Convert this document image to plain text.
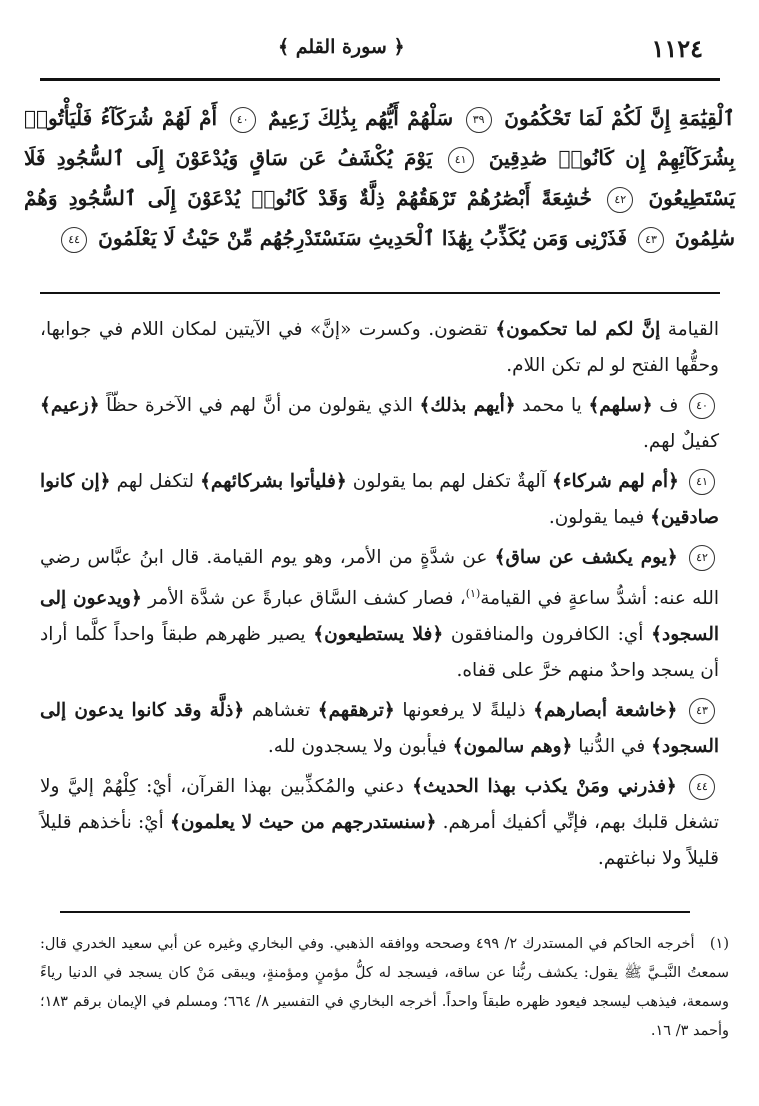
١١٢٤
﴿ سورة القلم ﴾
ٱلْقِيَٰمَةِ إِنَّ لَكُمْ لَمَا تَحْكُمُونَ ٣٩ سَلْهُمْ أَيُّهُم بِذَٰلِكَ زَعِيمٌ ٤٠ أَمْ لَهُمْ شُرَكَآءُ فَلْيَأْتُوا۟ بِشُرَكَآئِهِمْ إِن كَانُوا۟ صَٰدِقِينَ ٤١ يَوْمَ يُكْشَفُ عَن سَاقٍ وَيُدْعَوْنَ إِلَى ٱلسُّجُودِ فَلَا يَسْتَطِيعُونَ ٤٢ خَٰشِعَةً أَبْصَٰرُهُمْ تَرْهَقُهُمْ ذِلَّةٌ وَقَدْ كَانُوا۟ يُدْعَوْنَ إِلَى ٱلسُّجُودِ وَهُمْ سَٰلِمُونَ ٤٣ فَذَرْنِى وَمَن يُكَذِّبُ بِهَٰذَا ٱلْحَدِيثِ سَنَسْتَدْرِجُهُم مِّنْ حَيْثُ لَا يَعْلَمُونَ ٤٤

القيامة إنَّ لكم لما تحكمون﴾ تقضون. وكسرت «إنَّ» في الآيتين لمكان اللام في جوابها، وحقُّها الفتح لو لم تكن اللام.

٤٠ ف ﴿سلهم﴾ يا محمد ﴿أيهم بذلك﴾ الذي يقولون من أنَّ لهم في الآخرة حظّاً ﴿زعيم﴾ كفيلٌ لهم.

٤١ ﴿أم لهم شركاء﴾ آلهةٌ تكفل لهم بما يقولون ﴿فليأتوا بشركائهم﴾ لتكفل لهم ﴿إن كانوا صادقين﴾ فيما يقولون.

٤٢ ﴿يوم يكشف عن ساق﴾ عن شدَّةٍ من الأمر، وهو يوم القيامة. قال ابنُ عبَّاس رضي الله عنه: أشدُّ ساعةٍ في القيامة$^{(١)}$، فصار كشف السَّاق عبارةً عن شدَّة الأمر ﴿ويدعون إلى السجود﴾ أي: الكافرون والمنافقون ﴿فلا يستطيعون﴾ يصير ظهرهم طبقاً واحداً كلَّما أراد أن يسجد واحدٌ منهم خرَّ على قفاه.

٤٣ ﴿خاشعة أبصارهم﴾ ذليلةً لا يرفعونها ﴿ترهقهم﴾ تغشاهم ﴿ذلَّة وقد كانوا يدعون إلى السجود﴾ في الدُّنيا ﴿وهم سالمون﴾ فيأبون ولا يسجدون لله.

٤٤ ﴿فذرني ومَنْ يكذب بهذا الحديث﴾ دعني والمُكذِّبين بهذا القرآن، أيْ: كِلْهُمْ إليَّ ولا تشغل قلبك بهم، فإنِّي أكفيك أمرهم. ﴿سنستدرجهم من حيث لا يعلمون﴾ أيْ: نأخذهم قليلاً قليلاً ولا نباغتهم.

(١) أخرجه الحاكم في المستدرك ٢/ ٤٩٩ وصححه ووافقه الذهبي. وفي البخاري وغيره عن أبي سعيد الخدري قال: سمعتُ النَّبـيَّ ﷺ يقول: يكشف ربُّنا عن ساقه، فيسجد له كلُّ مؤمنٍ ومؤمنةٍ، ويبقى مَنْ كان يسجد في الدنيا رياءً وسمعة، فيذهب ليسجد فيعود ظهره طبقاً واحداً. أخرجه البخاري في التفسير ٨/ ٦٦٤؛ ومسلم في الإيمان برقم ١٨٣؛ وأحمد ٣/ ١٦.
